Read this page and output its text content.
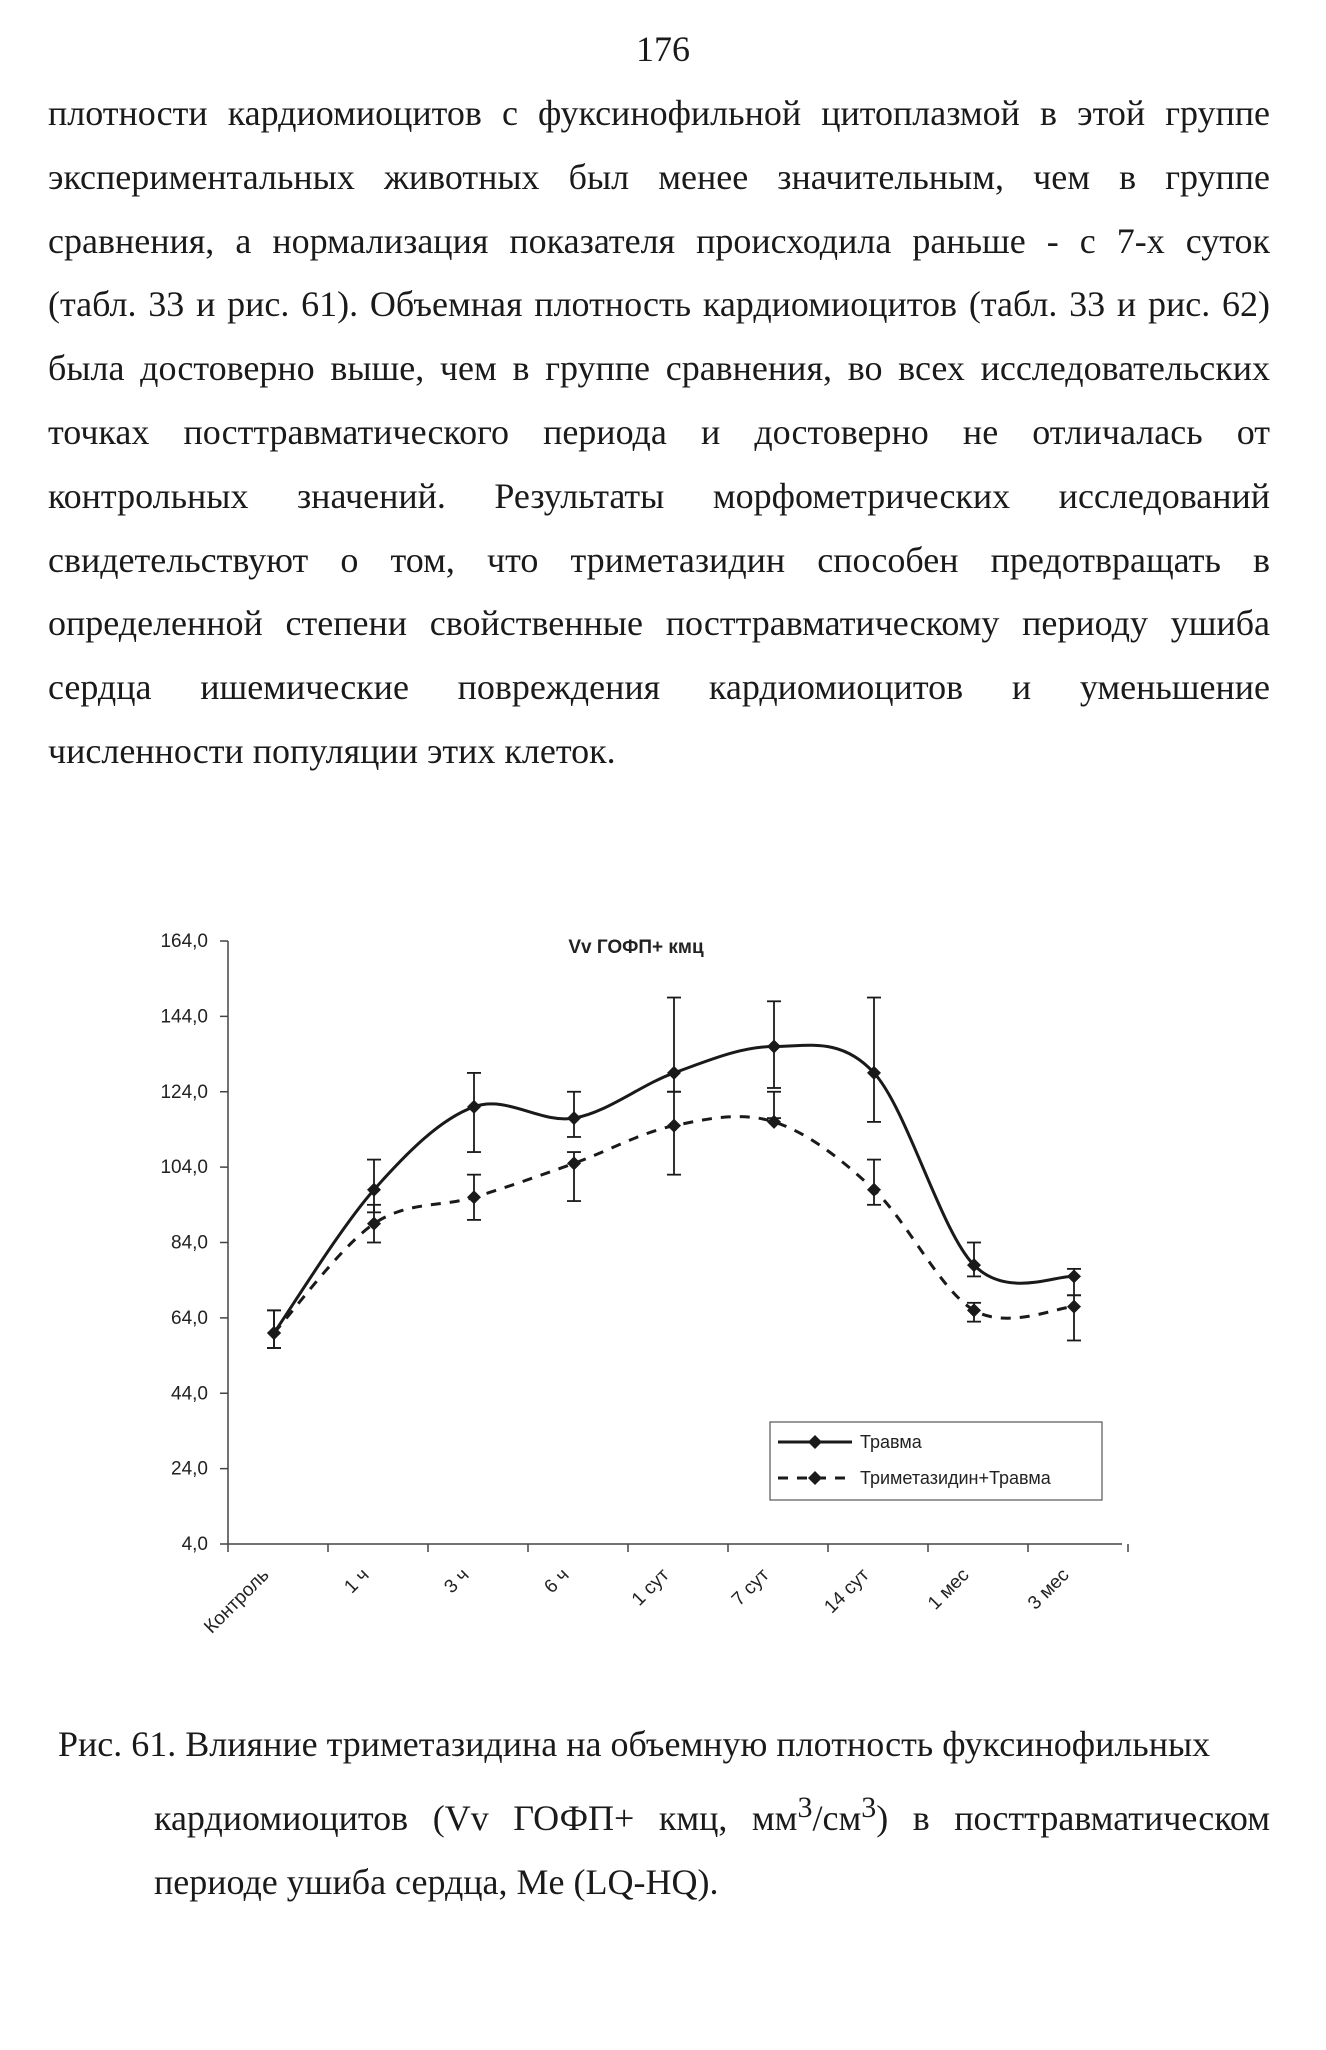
176
плотности кардиомиоцитов с фуксинофильной цитоплазмой в этой группе
экспериментальных животных был менее значительным, чем в группе
сравнения, а нормализация показателя происходила раньше - с 7-х суток
(табл. 33 и рис. 61). Объемная плотность кардиомиоцитов (табл. 33 и рис. 62)
была достоверно выше, чем в группе сравнения, во всех исследовательских
точках посттравматического периода и достоверно не отличалась от
контрольных значений. Результаты морфометрических исследований
свидетельствуют о том, что триметазидин способен предотвращать в
определенной степени свойственные посттравматическому периоду ушиба
сердца ишемические повреждения кардиомиоцитов и уменьшение
численности популяции этих клеток.
164,0
144,0
124,0
104,0
84,0
64,0
44,0
24,0
4,0
Контроль	1 ч	3 ч	6 ч	1 сут	7 сут 14 сут	1 мес	3 мес
Vv ГОФП+ кмц
Травма
Триметазидин+Травма
Рис. 61. Влияние триметазидина на объемную плотность фуксинофильных
кардиомиоцитов (Vv ГОФП+ кмц, $мм^3/см^3$) в посттравматическом
периоде ушиба сердца, Me (LQ-HQ).
